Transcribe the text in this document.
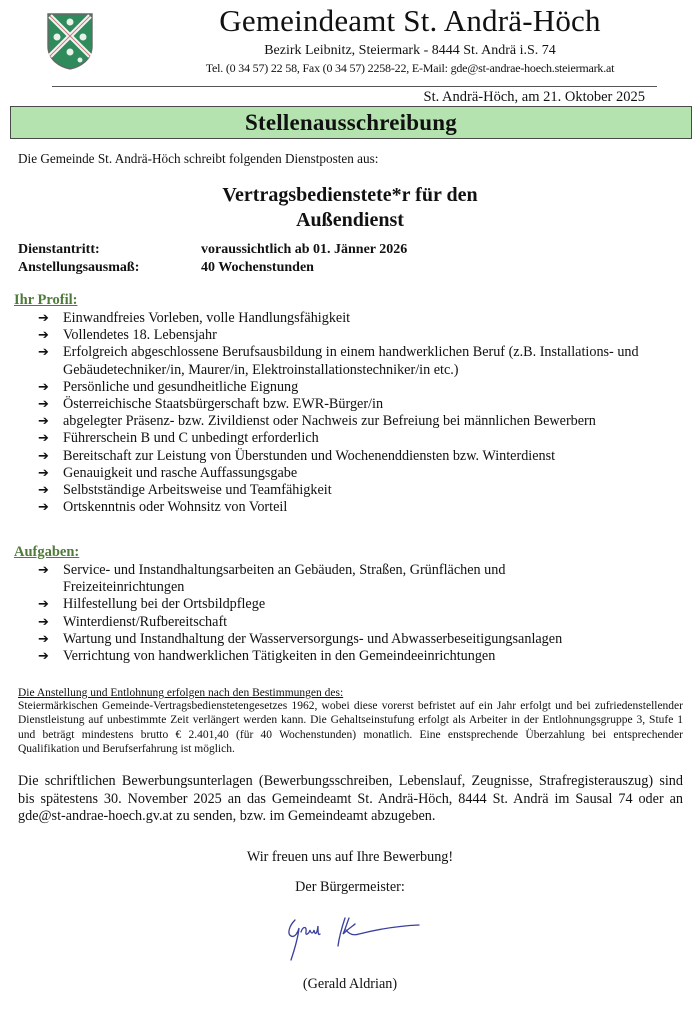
Gemeindeamt St. Andrä-Höch
Bezirk Leibnitz, Steiermark - 8444 St. Andrä i.S. 74
Tel. (0 34 57) 22 58, Fax (0 34 57) 2258-22, E-Mail: gde@st-andrae-hoech.steiermark.at
St. Andrä-Höch, am 21. Oktober 2025
Stellenausschreibung
Die Gemeinde St. Andrä-Höch schreibt folgenden Dienstposten aus:
Vertragsbedienstete*r für den
Außendienst
Dienstantritt:	voraussichtlich ab 01. Jänner 2026
Anstellungsausmaß:	40 Wochenstunden
Ihr Profil:
➔ Einwandfreies Vorleben, volle Handlungsfähigkeit
➔ Vollendetes 18. Lebensjahr
➔ Erfolgreich abgeschlossene Berufsausbildung in einem handwerklichen Beruf (z.B. Installations- und Gebäudetechniker/in, Maurer/in, Elektroinstallationstechniker/in etc.)
➔ Persönliche und gesundheitliche Eignung
➔ Österreichische Staatsbürgerschaft bzw. EWR-Bürger/in
➔ abgelegter Präsenz- bzw. Zivildienst oder Nachweis zur Befreiung bei männlichen Bewerbern
➔ Führerschein B und C unbedingt erforderlich
➔ Bereitschaft zur Leistung von Überstunden und Wochenenddiensten bzw. Winterdienst
➔ Genauigkeit und rasche Auffassungsgabe
➔ Selbstständige Arbeitsweise und Teamfähigkeit
➔ Ortskenntnis oder Wohnsitz von Vorteil
Aufgaben:
➔ Service- und Instandhaltungsarbeiten an Gebäuden, Straßen, Grünflächen und Freizeiteinrichtungen
➔ Hilfestellung bei der Ortsbildpflege
➔ Winterdienst/Rufbereitschaft
➔ Wartung und Instandhaltung der Wasserversorgungs- und Abwasserbeseitigungsanlagen
➔ Verrichtung von handwerklichen Tätigkeiten in den Gemeindeeinrichtungen
Die Anstellung und Entlohnung erfolgen nach den Bestimmungen des:
Steiermärkischen Gemeinde-Vertragsbedienstetengesetzes 1962, wobei diese vorerst befristet auf ein Jahr erfolgt und bei zufriedenstellender Dienstleistung auf unbestimmte Zeit verlängert werden kann. Die Gehaltseinstufung erfolgt als Arbeiter in der Entlohnungsgruppe 3, Stufe 1 und beträgt mindestens brutto € 2.401,40 (für 40 Wochenstunden) monatlich. Eine enstsprechende Überzahlung bei entsprechender Qualifikation und Berufserfahrung ist möglich.
Die schriftlichen Bewerbungsunterlagen (Bewerbungsschreiben, Lebenslauf, Zeugnisse, Strafregisterauszug) sind bis spätestens 30. November 2025 an das Gemeindeamt St. Andrä-Höch, 8444 St. Andrä im Sausal 74 oder an gde@st-andrae-hoech.gv.at zu senden, bzw. im Gemeindeamt abzugeben.
Wir freuen uns auf Ihre Bewerbung!
Der Bürgermeister:
(Gerald Aldrian)
